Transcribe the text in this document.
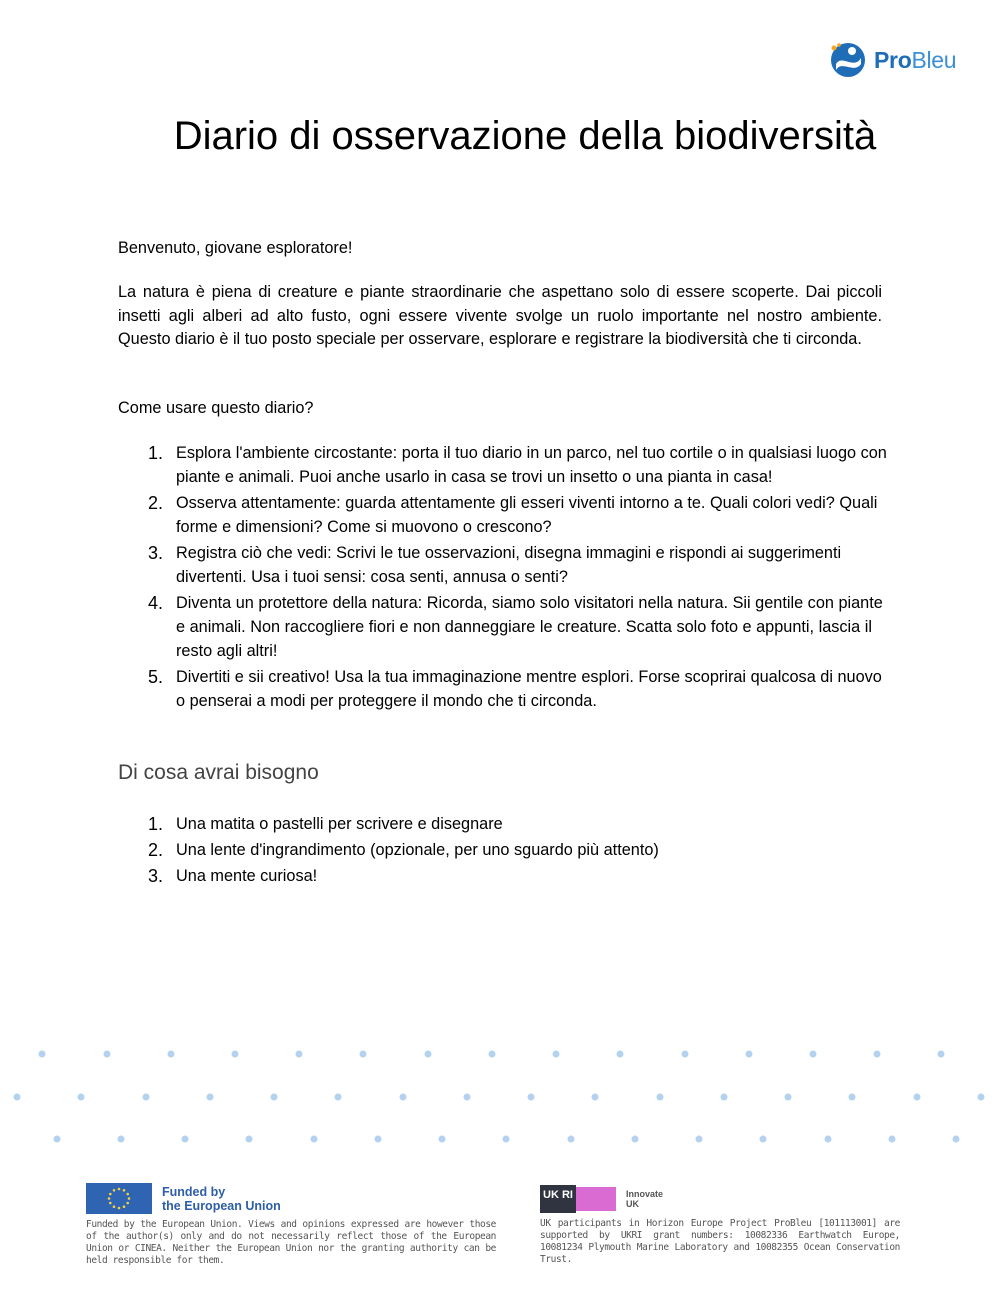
ProBleu
Diario di osservazione della biodiversità

Benvenuto, giovane esploratore!

La natura è piena di creature e piante straordinarie che aspettano solo di essere scoperte. Dai piccoli insetti agli alberi ad alto fusto, ogni essere vivente svolge un ruolo importante nel nostro ambiente. Questo diario è il tuo posto speciale per osservare, esplorare e registrare la biodiversità che ti circonda.

Come usare questo diario?

1. Esplora l'ambiente circostante: porta il tuo diario in un parco, nel tuo cortile o in qualsiasi luogo con piante e animali. Puoi anche usarlo in casa se trovi un insetto o una pianta in casa!
2. Osserva attentamente: guarda attentamente gli esseri viventi intorno a te. Quali colori vedi? Quali forme e dimensioni? Come si muovono o crescono?
3. Registra ciò che vedi: Scrivi le tue osservazioni, disegna immagini e rispondi ai suggerimenti divertenti. Usa i tuoi sensi: cosa senti, annusa o senti?
4. Diventa un protettore della natura: Ricorda, siamo solo visitatori nella natura. Sii gentile con piante e animali. Non raccogliere fiori e non danneggiare le creature. Scatta solo foto e appunti, lascia il resto agli altri!
5. Divertiti e sii creativo! Usa la tua immaginazione mentre esplori. Forse scoprirai qualcosa di nuovo o penserai a modi per proteggere il mondo che ti circonda.
Di cosa avrai bisogno
1. Una matita o pastelli per scrivere e disegnare
2. Una lente d'ingrandimento (opzionale, per uno sguardo più attento)
3. Una mente curiosa!
Funded by
the European Union
Funded by the European Union. Views and opinions expressed are however those of the author(s) only and do not necessarily reflect those of the European Union or CINEA. Neither the European Union nor the granting authority can be held responsible for them.
UK RI	Innovate
UK
UK participants in Horizon Europe Project ProBleu [101113001] are supported by UKRI grant numbers: 10082336 Earthwatch Europe, 10081234 Plymouth Marine Laboratory and 10082355 Ocean Conservation Trust.
